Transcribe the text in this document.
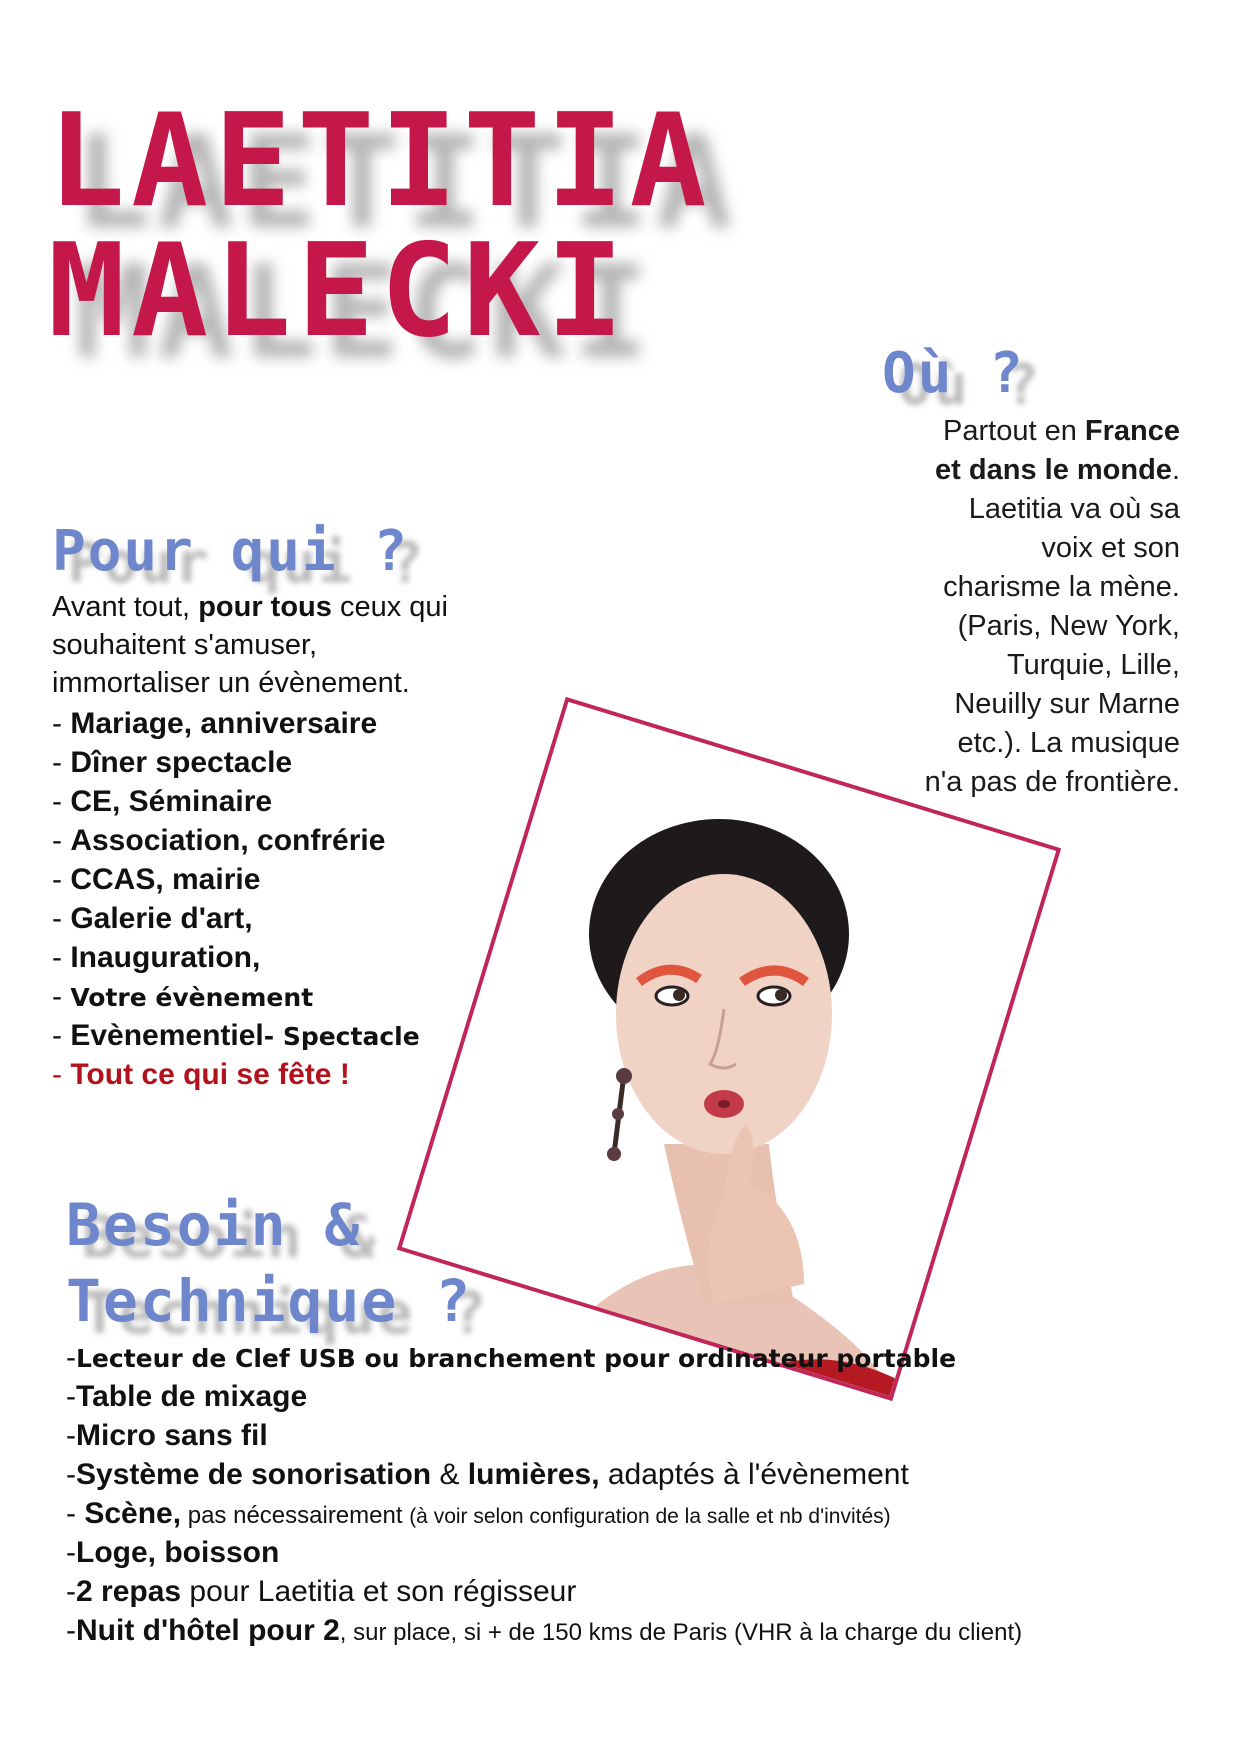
LAETITIA
MALECKI
Où ?
Partout en France
et dans le monde.
Laetitia va où sa
voix et son
charisme la mène.
(Paris, New York,
Turquie, Lille,
Neuilly sur Marne
etc.). La musique
n'a pas de frontière.
Pour qui ?
Avant tout, pour tous ceux qui
souhaitent s'amuser,
immortaliser un évènement.
- Mariage, anniversaire
- Dîner spectacle
- CE, Séminaire
- Association, confrérie
- CCAS, mairie
- Galerie d'art,
- Inauguration,
- Votre évènement
- Evènementiel- Spectacle
- Tout ce qui se fête !
Besoin &
Technique ?
-Lecteur de Clef USB ou branchement pour ordinateur portable
-Table de mixage
-Micro sans fil
-Système de sonorisation & lumières, adaptés à l'évènement
- Scène, pas nécessairement (à voir selon configuration de la salle et nb d'invités)
-Loge, boisson
-2 repas pour Laetitia et son régisseur
-Nuit d'hôtel pour 2, sur place, si + de 150 kms de Paris (VHR à la charge du client)
